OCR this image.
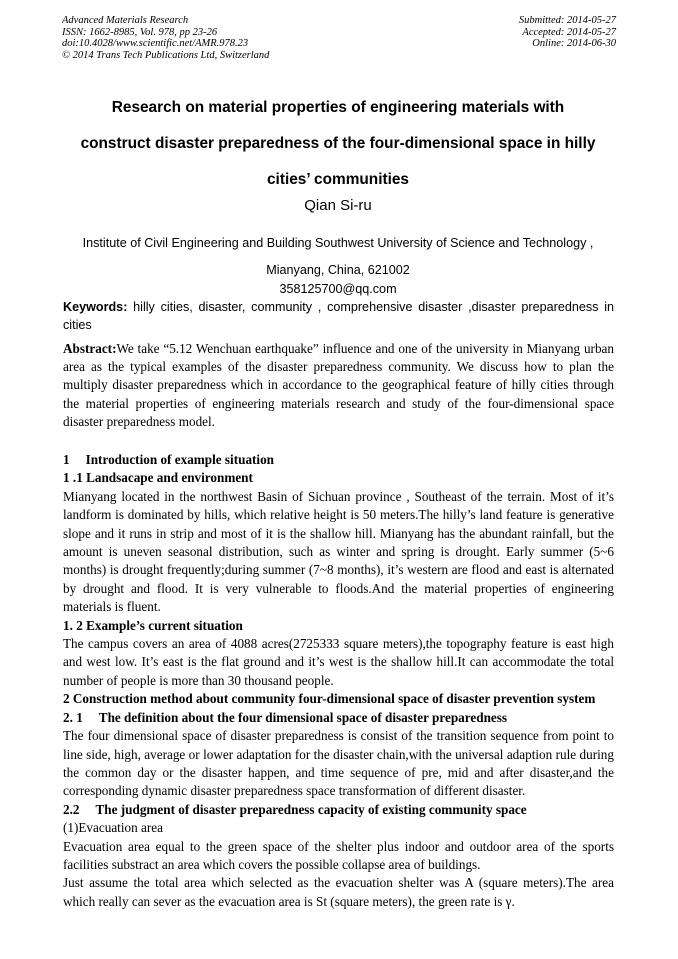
Advanced Materials Research
ISSN: 1662-8985, Vol. 978, pp 23-26
doi:10.4028/www.scientific.net/AMR.978.23
© 2014 Trans Tech Publications Ltd, Switzerland
Submitted: 2014-05-27
Accepted: 2014-05-27
Online: 2014-06-30
Research on material properties of engineering materials with
construct disaster preparedness of the four-dimensional space in hilly
cities’ communities
Qian Si-ru
Institute of Civil Engineering and Building Southwest University of Science and Technology ,
Mianyang, China, 621002
358125700@qq.com
Keywords: hilly cities, disaster, community , comprehensive disaster ,disaster preparedness in cities
Abstract:We take “5.12 Wenchuan earthquake” influence and one of the university in Mianyang urban area as the typical examples of the disaster preparedness community. We discuss how to plan the multiply disaster preparedness which in accordance to the geographical feature of hilly cities through the material properties of engineering materials research and study of the four-dimensional space disaster preparedness model.

1 Introduction of example situation

1 .1 Landsacape and environment

Mianyang located in the northwest Basin of Sichuan province , Southeast of the terrain. Most of it’s landform is dominated by hills, which relative height is 50 meters.The hilly’s land feature is generative slope and it runs in strip and most of it is the shallow hill. Mianyang has the abundant rainfall, but the amount is uneven seasonal distribution, such as winter and spring is drought. Early summer (5~6 months) is drought frequently;during summer (7~8 months), it’s western are flood and east is alternated by drought and flood. It is very vulnerable to floods.And the material properties of engineering materials is fluent.

1. 2 Example’s current situation

The campus covers an area of 4088 acres(2725333 square meters),the topography feature is east high and west low. It’s east is the flat ground and it’s west is the shallow hill.It can accommodate the total number of people is more than 30 thousand people.

2 Construction method about community four-dimensional space of disaster prevention system

2. 1 The definition about the four dimensional space of disaster preparedness

The four dimensional space of disaster preparedness is consist of the transition sequence from point to line side, high, average or lower adaptation for the disaster chain,with the universal adaption rule during the common day or the disaster happen, and time sequence of pre, mid and after disaster,and the corresponding dynamic disaster preparedness space transformation of different disaster.

2.2 The judgment of disaster preparedness capacity of existing community space

(1)Evacuation area

Evacuation area equal to the green space of the shelter plus indoor and outdoor area of the sports facilities substract an area which covers the possible collapse area of buildings.

Just assume the total area which selected as the evacuation shelter was A (square meters).The area which really can sever as the evacuation area is St (square meters), the green rate is γ.
